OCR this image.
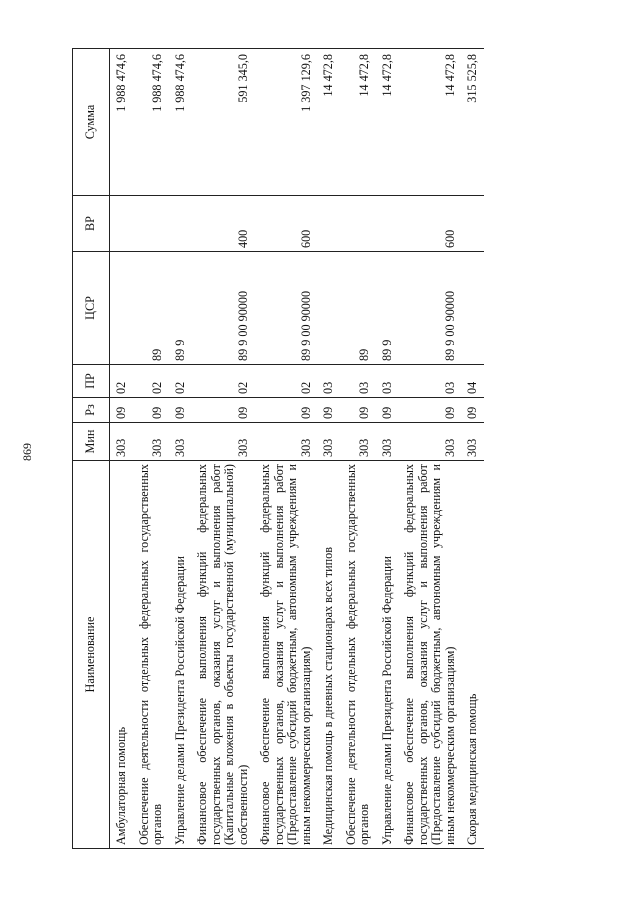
869
Наименование	Мин	Рз	ПР	ЦСР	ВР	Сумма
Амбулаторная помощь	303	09	02			1 988 474,6
Обеспечение деятельности отдельных федеральных государственных органов	303	09	02	89		1 988 474,6
Управление делами Президента Российской Федерации	303	09	02	89 9		1 988 474,6
Финансовое обеспечение выполнения функций федеральных государственных органов, оказания услуг и выполнения работ (Капитальные вложения в объекты государственной (муниципальной) собственности)	303	09	02	89 9 00 90000	400	591 345,0
Финансовое обеспечение выполнения функций федеральных государственных органов, оказания услуг и выполнения работ (Предоставление субсидий бюджетным, автономным учреждениям и иным некоммерческим организациям)	303	09	02	89 9 00 90000	600	1 397 129,6
Медицинская помощь в дневных стационарах всех типов	303	09	03			14 472,8
Обеспечение деятельности отдельных федеральных государственных органов	303	09	03	89		14 472,8
Управление делами Президента Российской Федерации	303	09	03	89 9		14 472,8
Финансовое обеспечение выполнения функций федеральных государственных органов, оказания услуг и выполнения работ (Предоставление субсидий бюджетным, автономным учреждениям и иным некоммерческим организациям)	303	09	03	89 9 00 90000	600	14 472,8
Скорая медицинская помощь	303	09	04			315 525,8
